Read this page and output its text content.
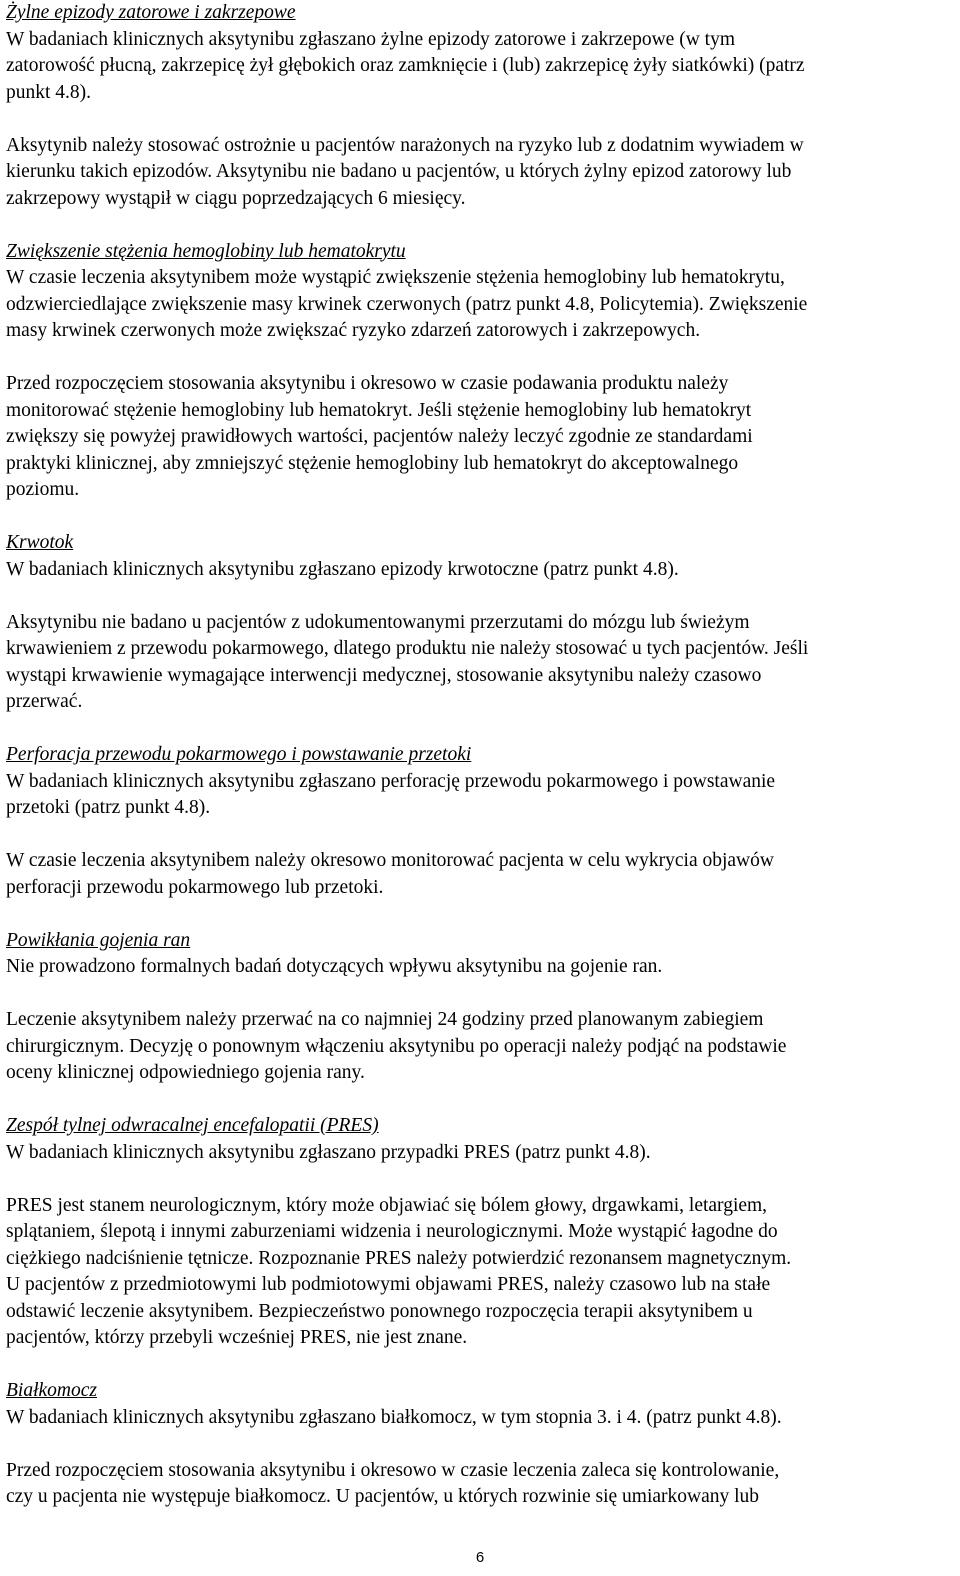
Żylne epizody zatorowe i zakrzepowe
W badaniach klinicznych aksytynibu zgłaszano żylne epizody zatorowe i zakrzepowe (w tym
zatorowość płucną, zakrzepicę żył głębokich oraz zamknięcie i (lub) zakrzepicę żyły siatkówki) (patrz
punkt 4.8).
Aksytynib należy stosować ostrożnie u pacjentów narażonych na ryzyko lub z dodatnim wywiadem w
kierunku takich epizodów. Aksytynibu nie badano u pacjentów, u których żylny epizod zatorowy lub
zakrzepowy wystąpił w ciągu poprzedzających 6 miesięcy.
Zwiększenie stężenia hemoglobiny lub hematokrytu
W czasie leczenia aksytynibem może wystąpić zwiększenie stężenia hemoglobiny lub hematokrytu,
odzwierciedlające zwiększenie masy krwinek czerwonych (patrz punkt 4.8, Policytemia). Zwiększenie
masy krwinek czerwonych może zwiększać ryzyko zdarzeń zatorowych i zakrzepowych.
Przed rozpoczęciem stosowania aksytynibu i okresowo w czasie podawania produktu należy
monitorować stężenie hemoglobiny lub hematokryt. Jeśli stężenie hemoglobiny lub hematokryt
zwiększy się powyżej prawidłowych wartości, pacjentów należy leczyć zgodnie ze standardami
praktyki klinicznej, aby zmniejszyć stężenie hemoglobiny lub hematokryt do akceptowalnego
poziomu.
Krwotok
W badaniach klinicznych aksytynibu zgłaszano epizody krwotoczne (patrz punkt 4.8).
Aksytynibu nie badano u pacjentów z udokumentowanymi przerzutami do mózgu lub świeżym
krwawieniem z przewodu pokarmowego, dlatego produktu nie należy stosować u tych pacjentów. Jeśli
wystąpi krwawienie wymagające interwencji medycznej, stosowanie aksytynibu należy czasowo
przerwać.
Perforacja przewodu pokarmowego i powstawanie przetoki
W badaniach klinicznych aksytynibu zgłaszano perforację przewodu pokarmowego i powstawanie
przetoki (patrz punkt 4.8).
W czasie leczenia aksytynibem należy okresowo monitorować pacjenta w celu wykrycia objawów
perforacji przewodu pokarmowego lub przetoki.
Powikłania gojenia ran
Nie prowadzono formalnych badań dotyczących wpływu aksytynibu na gojenie ran.
Leczenie aksytynibem należy przerwać na co najmniej 24 godziny przed planowanym zabiegiem
chirurgicznym. Decyzję o ponownym włączeniu aksytynibu po operacji należy podjąć na podstawie
oceny klinicznej odpowiedniego gojenia rany.
Zespół tylnej odwracalnej encefalopatii (PRES)
W badaniach klinicznych aksytynibu zgłaszano przypadki PRES (patrz punkt 4.8).
PRES jest stanem neurologicznym, który może objawiać się bólem głowy, drgawkami, letargiem,
splątaniem, ślepotą i innymi zaburzeniami widzenia i neurologicznymi. Może wystąpić łagodne do
ciężkiego nadciśnienie tętnicze. Rozpoznanie PRES należy potwierdzić rezonansem magnetycznym.
U pacjentów z przedmiotowymi lub podmiotowymi objawami PRES, należy czasowo lub na stałe
odstawić leczenie aksytynibem. Bezpieczeństwo ponownego rozpoczęcia terapii aksytynibem u
pacjentów, którzy przebyli wcześniej PRES, nie jest znane.
Białkomocz
W badaniach klinicznych aksytynibu zgłaszano białkomocz, w tym stopnia 3. i 4. (patrz punkt 4.8).
Przed rozpoczęciem stosowania aksytynibu i okresowo w czasie leczenia zaleca się kontrolowanie,
czy u pacjenta nie występuje białkomocz. U pacjentów, u których rozwinie się umiarkowany lub
6
